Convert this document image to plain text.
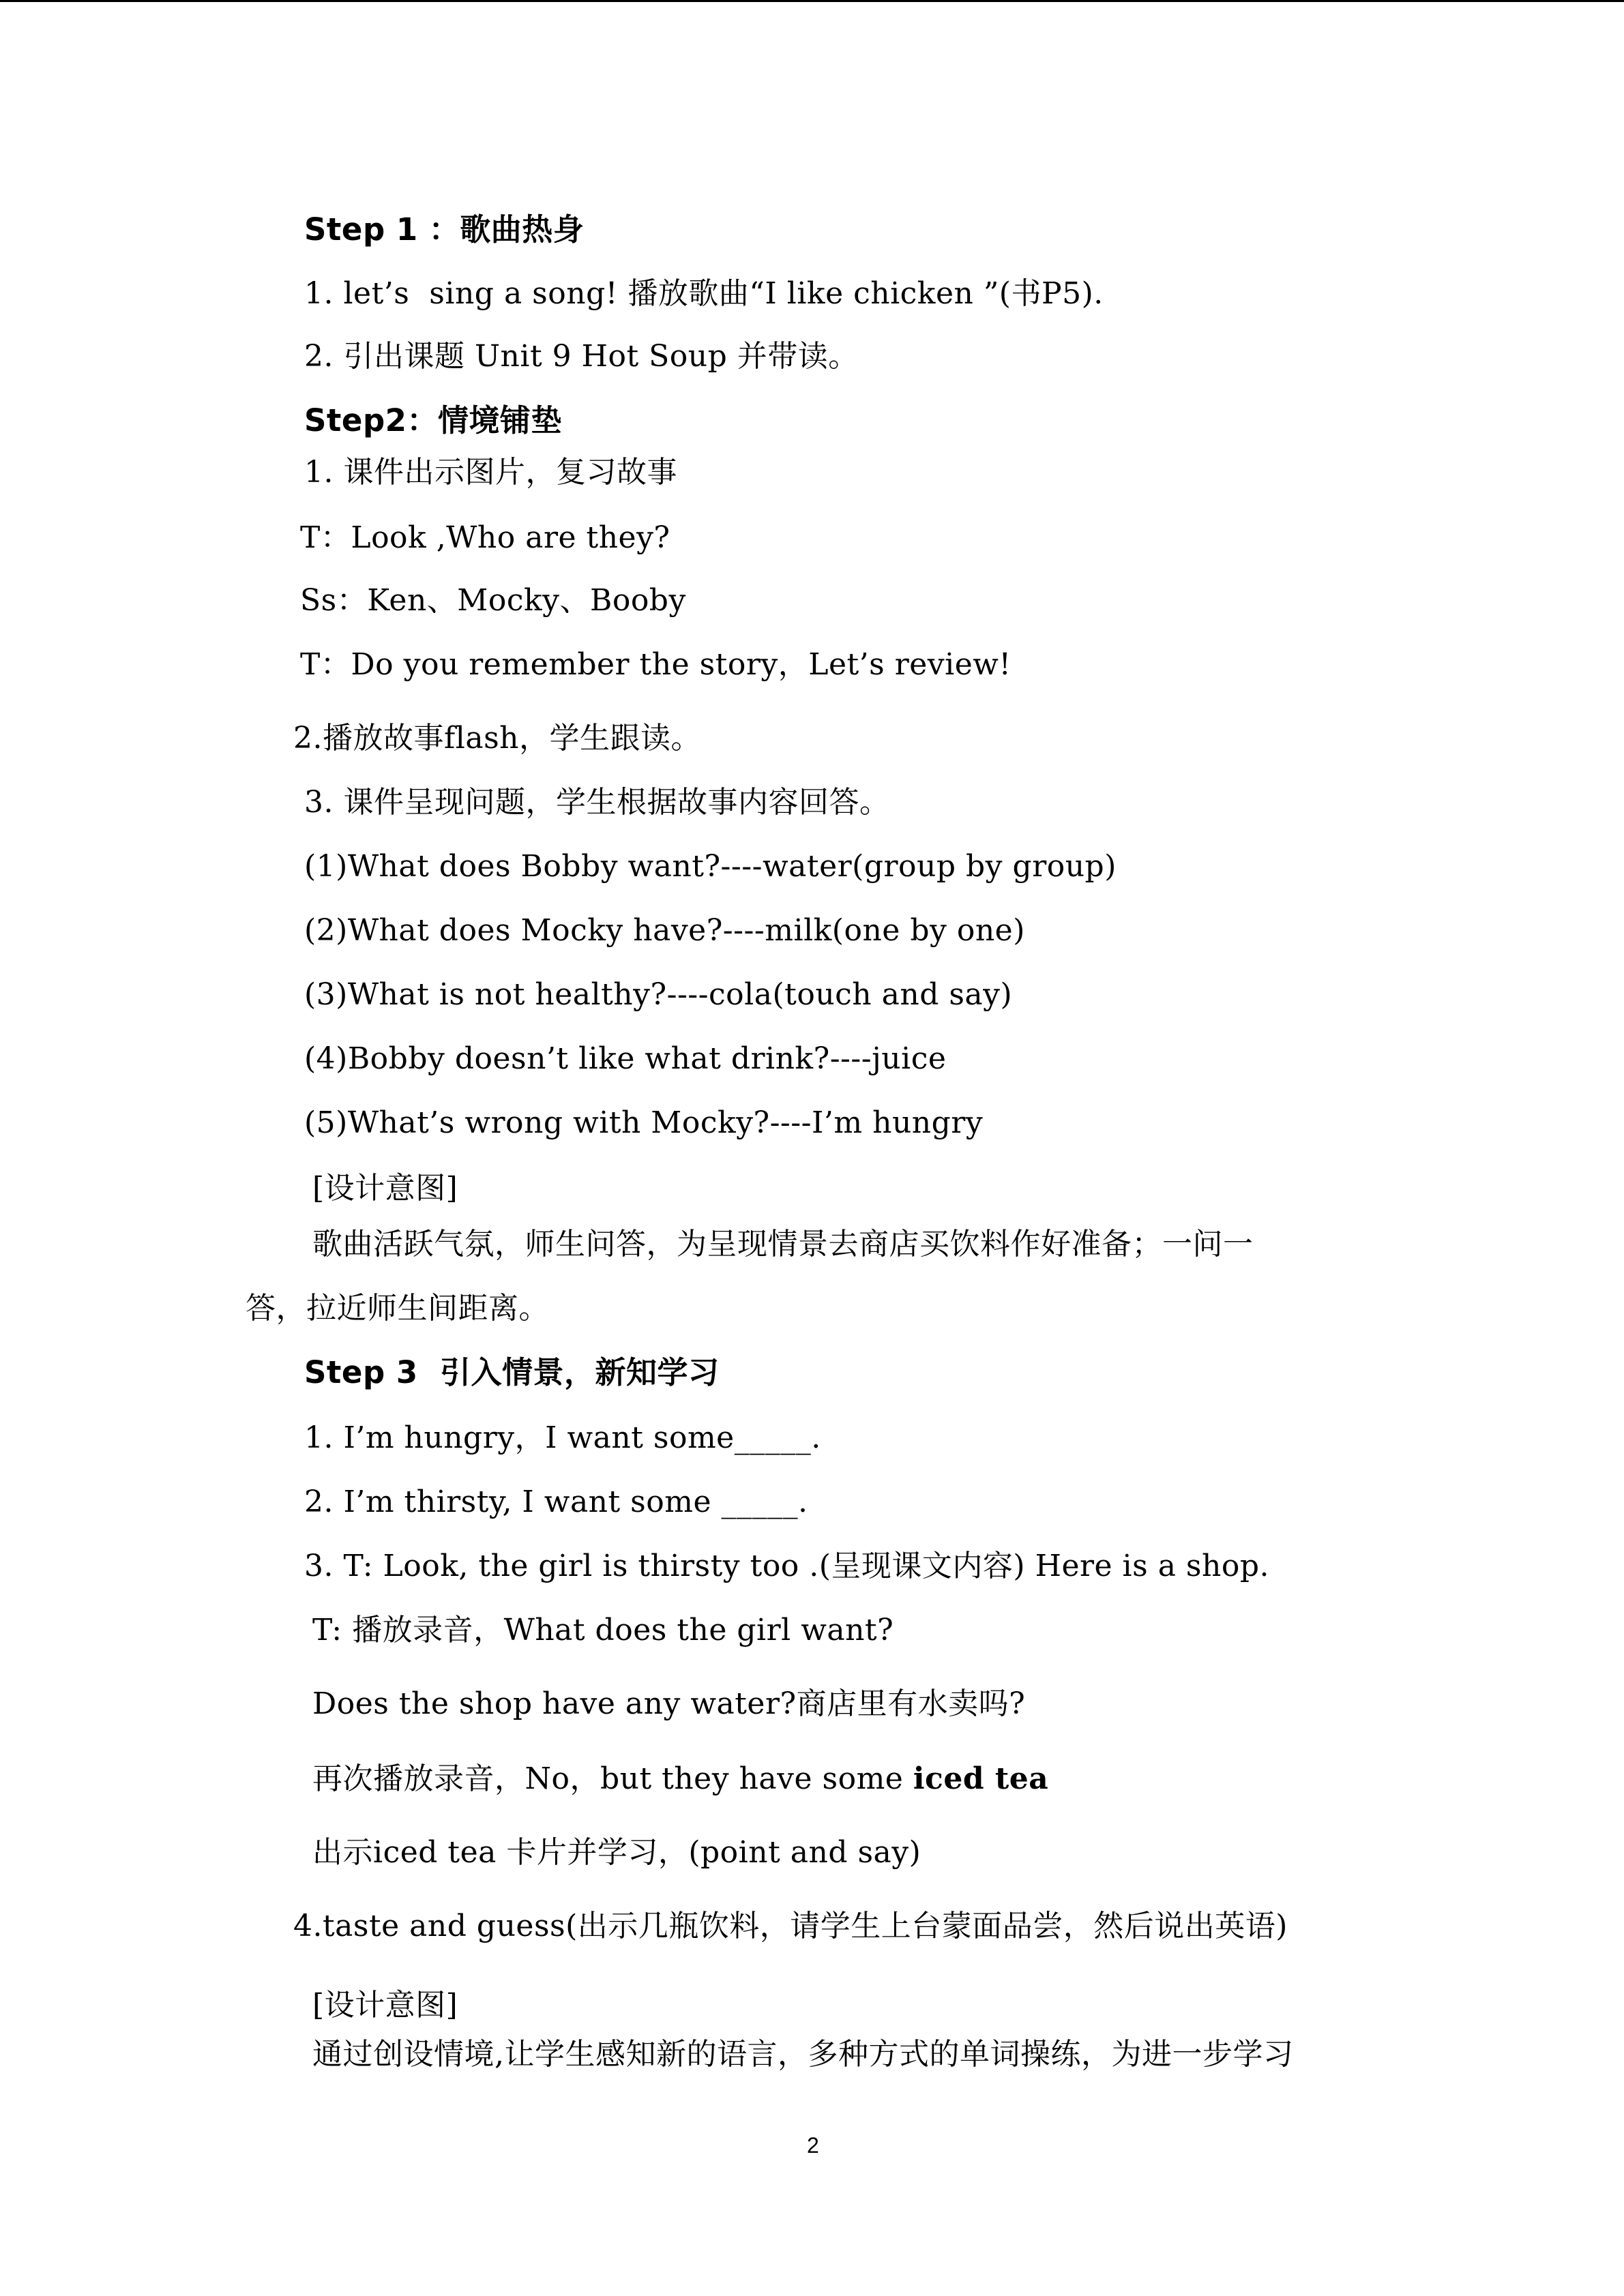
Step 1 ：歌曲热身
1. let’s  sing a song! 播放歌曲“I like chicken ”(书P5).
2. 引出课题 Unit 9 Hot Soup 并带读。
Step2：情境铺垫
1. 课件出示图片，复习故事
T：Look ,Who are they?
Ss：Ken、Mocky、Booby
T：Do you remember the story，Let’s review!
2.播放故事flash，学生跟读。
3. 课件呈现问题，学生根据故事内容回答。
(1)What does Bobby want?----water(group by group)
(2)What does Mocky have?----milk(one by one)
(3)What is not healthy?----cola(touch and say)
(4)Bobby doesn’t like what drink?----juice
(5)What’s wrong with Mocky?----I’m hungry
[设计意图]
歌曲活跃气氛，师生问答，为呈现情景去商店买饮料作好准备；一问一
答，拉近师生间距离。
Step 3  引入情景，新知学习
1. I’m hungry，I want some_____.
2. I’m thirsty, I want some _____.
3. T: Look, the girl is thirsty too .(呈现课文内容) Here is a shop.
T: 播放录音，What does the girl want?
Does the shop have any water?商店里有水卖吗?
再次播放录音，No，but they have some iced tea
出示iced tea 卡片并学习，(point and say)
4.taste and guess(出示几瓶饮料，请学生上台蒙面品尝，然后说出英语)
[设计意图]
通过创设情境,让学生感知新的语言，多种方式的单词操练，为进一步学习
2
